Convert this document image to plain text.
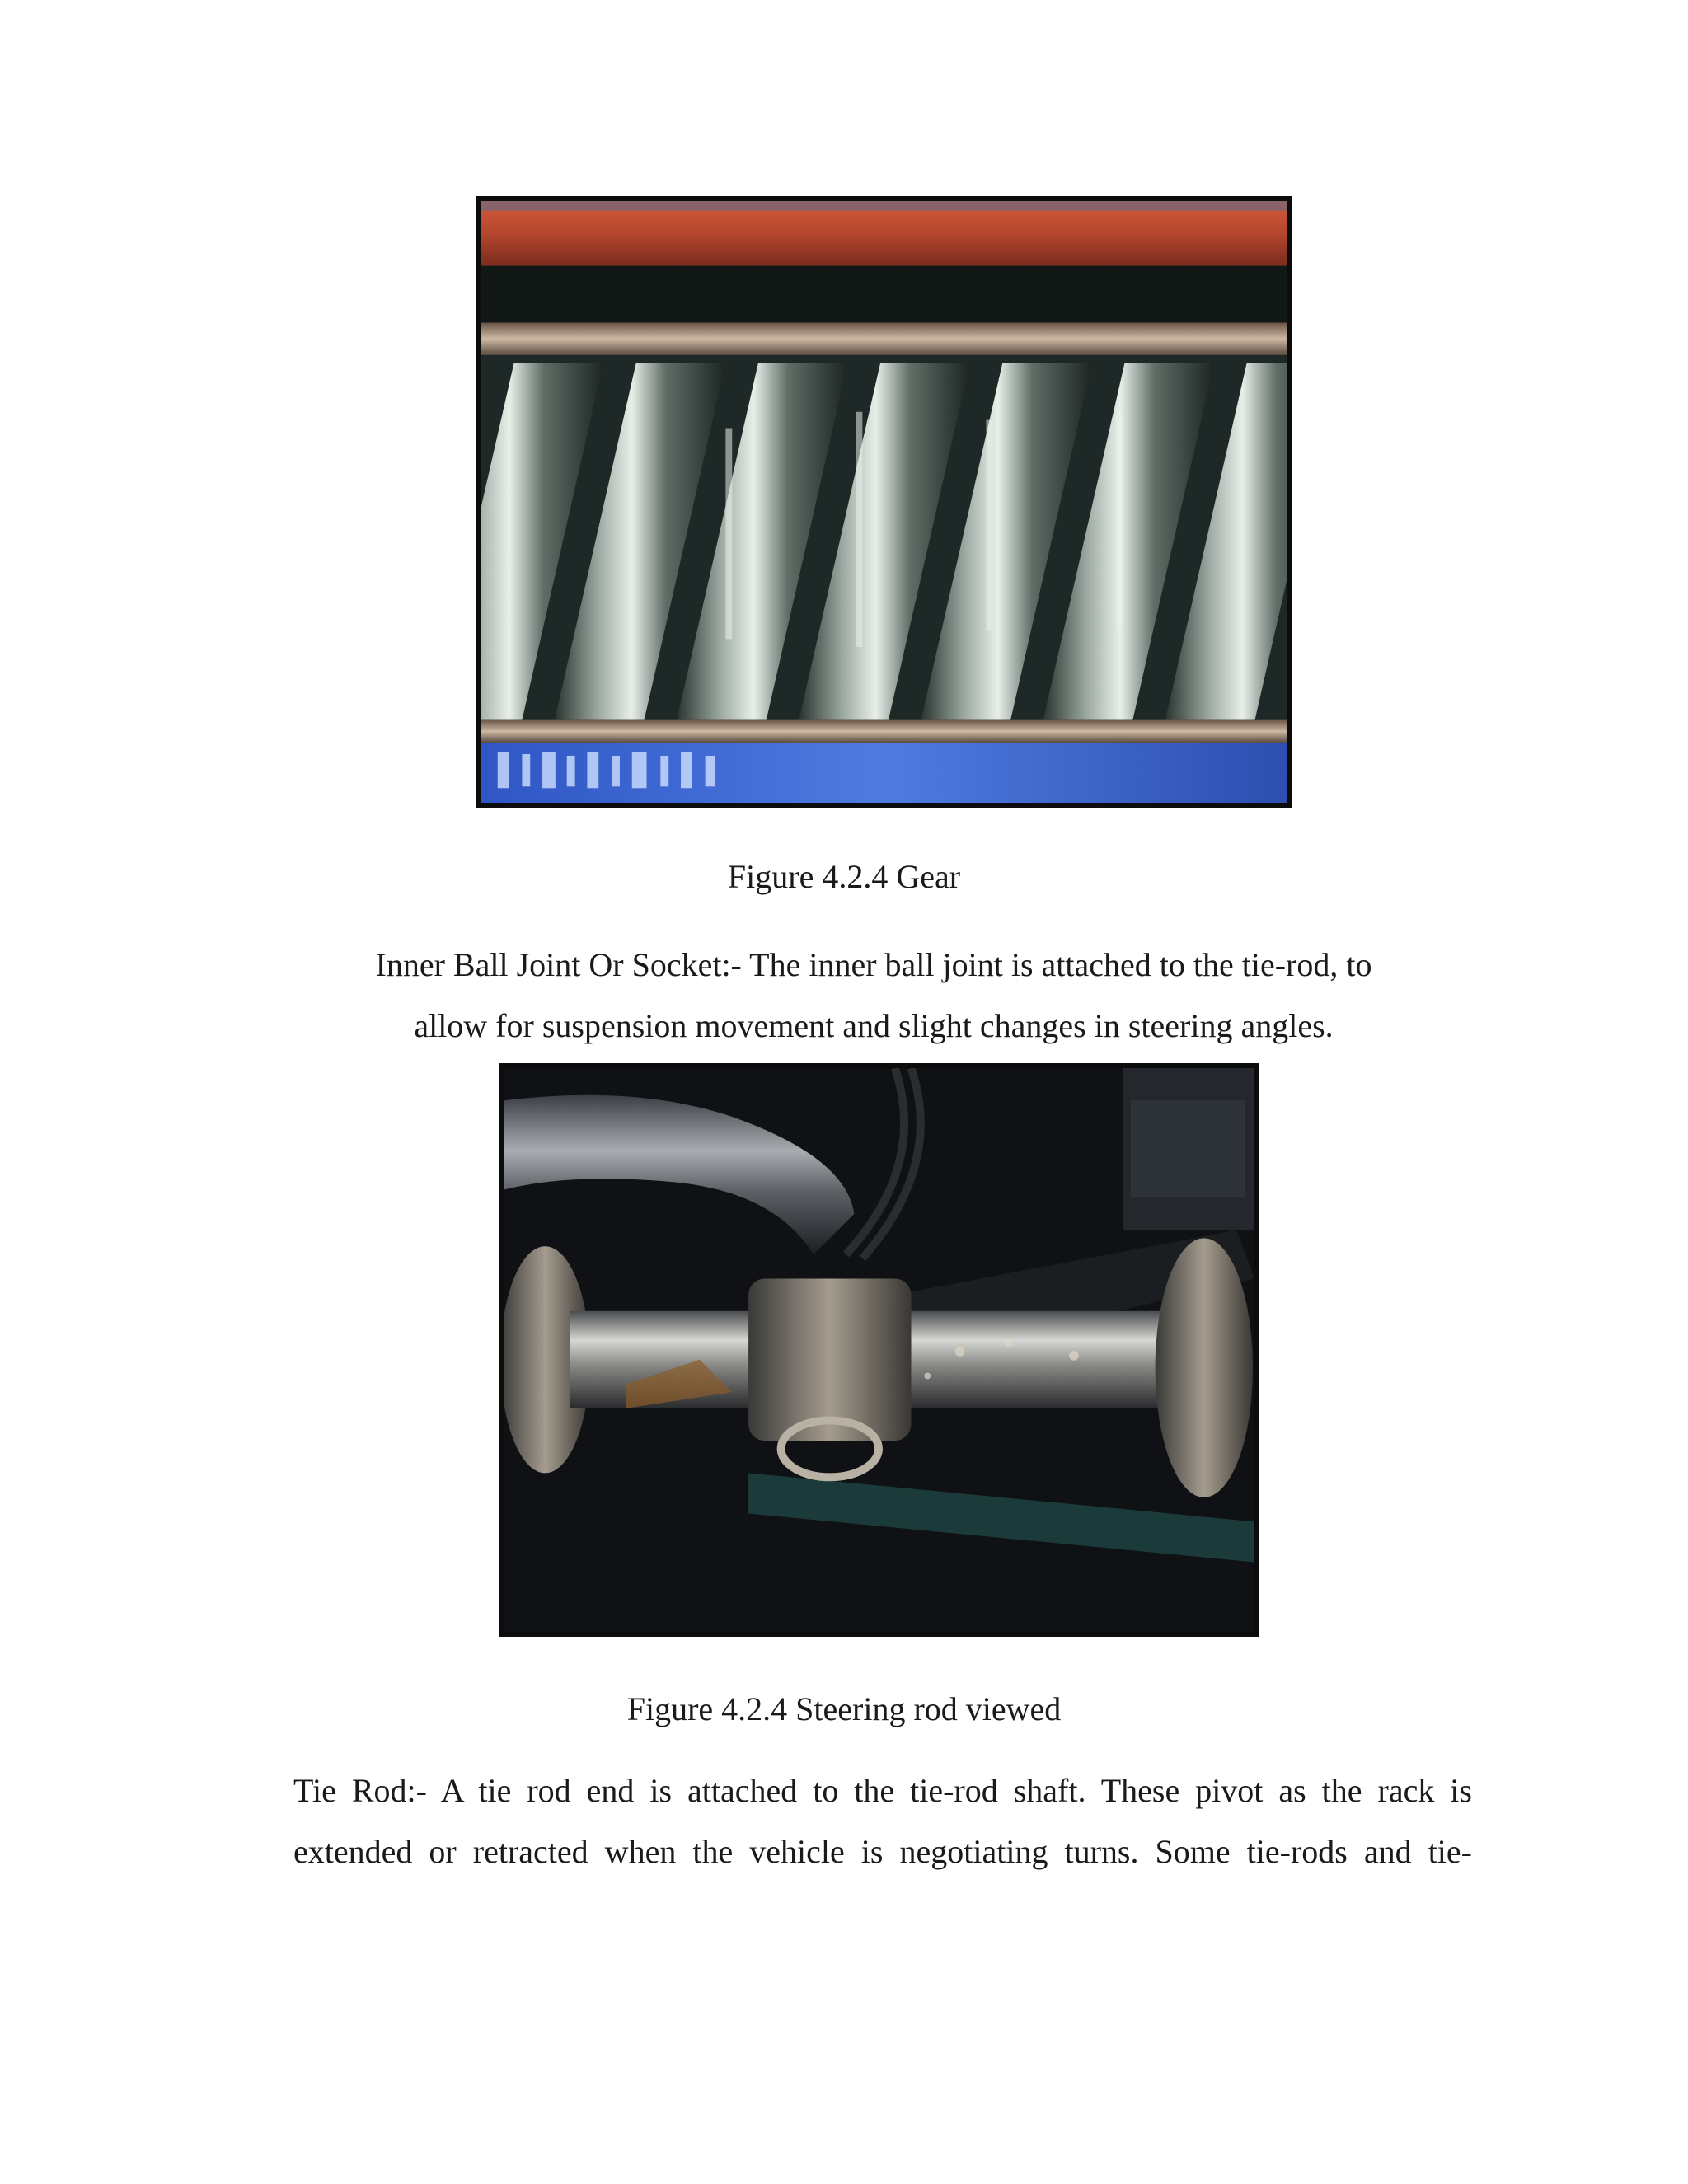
Figure 4.2.4 Gear
Inner Ball Joint Or Socket:- The inner ball joint is attached to the tie-rod, to
allow for suspension movement and slight changes in steering angles.
Figure 4.2.4 Steering rod viewed
Tie Rod:- A tie rod end is attached to the tie-rod shaft. These pivot as the rack is
extended or retracted when the vehicle is negotiating turns. Some tie-rods and tie-
